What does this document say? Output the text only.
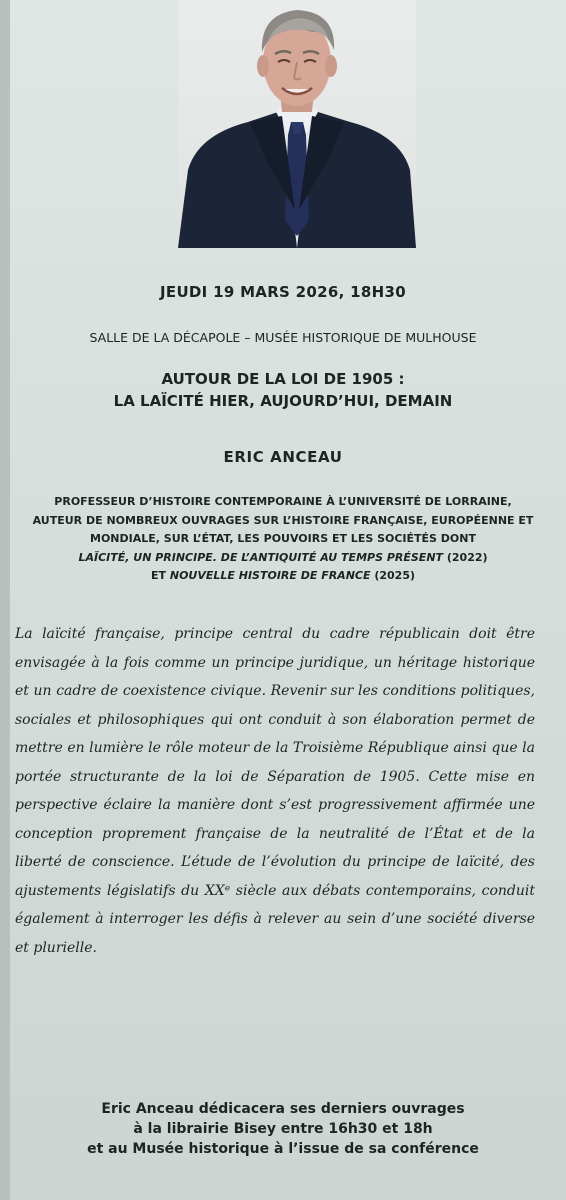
JEUDI 19 MARS 2026, 18H30
SALLE DE LA DÉCAPOLE – MUSÉE HISTORIQUE DE MULHOUSE
AUTOUR DE LA LOI DE 1905 :
LA LAÏCITÉ HIER, AUJOURD’HUI, DEMAIN
ERIC ANCEAU
PROFESSEUR D’HISTOIRE CONTEMPORAINE À L’UNIVERSITÉ DE LORRAINE,
AUTEUR DE NOMBREUX OUVRAGES SUR L’HISTOIRE FRANÇAISE, EUROPÉENNE ET
MONDIALE, SUR L’ÉTAT, LES POUVOIRS ET LES SOCIÉTÉS DONT
LAÏCITÉ, UN PRINCIPE. DE L’ANTIQUITÉ AU TEMPS PRÉSENT (2022)
ET NOUVELLE HISTOIRE DE FRANCE (2025)
La laïcité française, principe central du cadre républicain doit être envisagée à la fois comme un principe juridique, un héritage historique et un cadre de coexistence civique. Revenir sur les conditions politiques, sociales et philosophiques qui ont conduit à son élaboration permet de mettre en lumière le rôle moteur de la Troisième République ainsi que la portée structurante de la loi de Séparation de 1905. Cette mise en perspective éclaire la manière dont s’est progressivement affirmée une conception proprement française de la neutralité de l’État et de la liberté de conscience. L’étude de l’évolution du principe de laïcité, des ajustements législatifs du XXᵉ siècle aux débats contemporains, conduit également à interroger les défis à relever au sein d’une société diverse et plurielle.
Eric Anceau dédicacera ses derniers ouvrages
à la librairie Bisey entre 16h30 et 18h
et au Musée historique à l’issue de sa conférence
